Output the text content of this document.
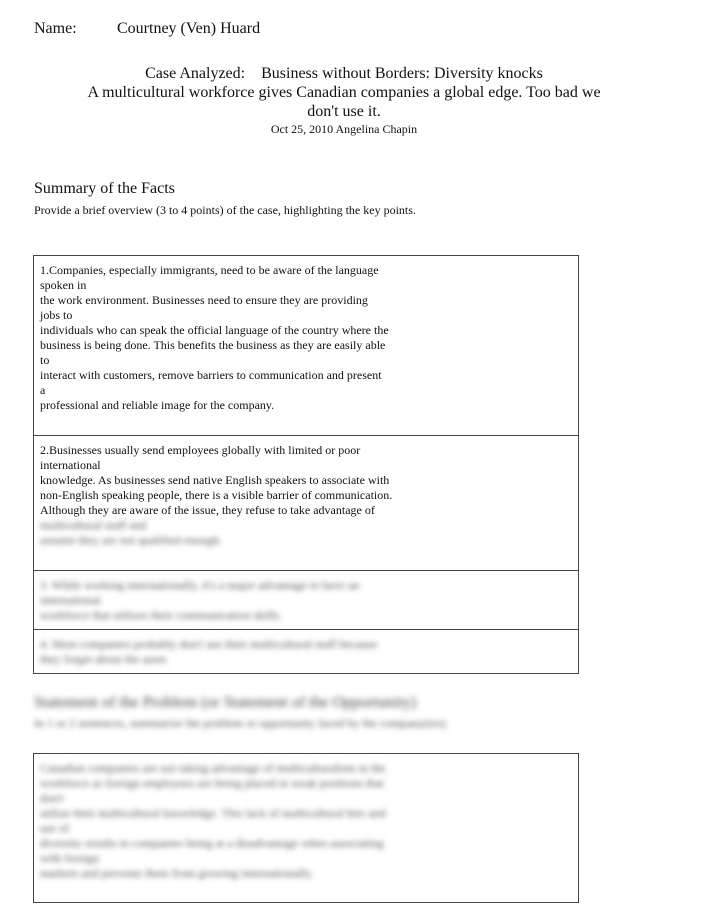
Name:	Courtney (Ven) Huard
Case Analyzed: Business without Borders: Diversity knocks
A multicultural workforce gives Canadian companies a global edge. Too bad we
don't use it.
Oct 25, 2010 Angelina Chapin
Summary of the Facts
Provide a brief overview (3 to 4 points) of the case, highlighting the key points.
1.Companies, especially immigrants, need to be aware of the language
spoken in
the work environment. Businesses need to ensure they are providing
jobs to
individuals who can speak the official language of the country where the
business is being done. This benefits the business as they are easily able
to
interact with customers, remove barriers to communication and present
a
professional and reliable image for the company.
2.Businesses usually send employees globally with limited or poor
international
knowledge. As businesses send native English speakers to associate with
non-English speaking people, there is a visible barrier of communication.
Although they are aware of the issue, they refuse to take advantage of
multicultural staff and
assume they are not qualified enough.
3. While working internationally, it's a major advantage to have an
international
workforce that utilizes their communication skills.
4. Most companies probably don't use their multicultural staff because
they forget about the asset.
Statement of the Problem (or Statement of the Opportunity)
In 1 or 2 sentences, summarize the problem or opportunity faced by the company(ies).
Canadian companies are not taking advantage of multiculturalism in the
workforce as foreign employees are being placed in weak positions that
don't
utilize their multicultural knowledge. This lack of multicultural hire and
use of
diversity results in companies being at a disadvantage when associating
with foreign
markets and prevents them from growing internationally.
